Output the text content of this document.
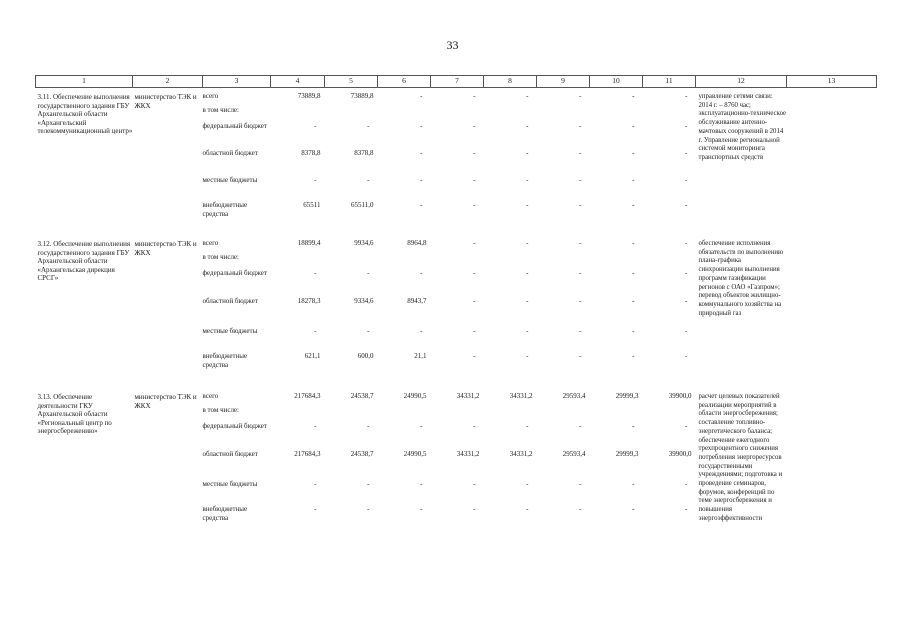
33
1	2	3	4	5	6	7	8	9	10	11	12	13

3.11. Обеспечение выполнения государственного задания ГБУ Архангельской области «Архангельский телекоммуникационный центр»	министерство ТЭК и ЖКХ	всего	73889,8	73889,8	-	-	-	-	-	-	управление сетями связи: 2014 г. – 8760 час; эксплуатационно-техническое обслуживание антенно-мачтовых сооружений в 2014 г. Управление региональной системой мониторинга транспортных средств	
		в том числе:										
		федеральный бюджет	-	-	-	-	-	-	-	-		
		областной бюджет	8378,8	8378,8	-	-	-	-	-	-		
		местные бюджеты	-	-	-	-	-	-	-	-		
		внебюджетные средства	65511	65511,0	-	-	-	-	-	-		

3.12. Обеспечение выполнения государственного задания ГБУ Архангельской области «Архангельская дирекция СРСГ»	министерство ТЭК и ЖКХ	всего	18899,4	9934,6	8964,8	-	-	-	-	-	обеспечение исполнения обязательств по выполнению плана-графика синхронизации выполнения программ газификации регионов с ОАО «Газпром»; перевод объектов жилищно-коммунального хозяйства на природный газ	
		в том числе:										
		федеральный бюджет	-	-	-	-	-	-	-	-		
		областной бюджет	18278,3	9334,6	8943,7	-	-	-	-	-		
		местные бюджеты	-	-	-	-	-	-	-	-		
		внебюджетные средства	621,1	600,0	21,1	-	-	-	-	-		

3.13. Обеспечение деятельности ГКУ Архангельской области «Региональный центр по энергосбережению»	министерство ТЭК и ЖКХ	всего	217684,3	24538,7	24990,5	34331,2	34331,2	29593,4	29999,3	39900,0	расчет целевых показателей реализации мероприятий в области энергосбережения; составление топливно-энергетического баланса; обеспечение ежегодного трехпроцентного снижения потребления энергоресурсов государственными учреждениями; подготовка и проведение семинаров, форумов, конференций по теме энергосбережения и повышения энергоэффективности	
		в том числе:										
		федеральный бюджет	-	-	-	-	-	-	-	-		
		областной бюджет	217684,3	24538,7	24990,5	34331,2	34331,2	29593,4	29999,3	39900,0		
		местные бюджеты	-	-	-	-	-	-	-	-		
		внебюджетные средства	-	-	-	-	-	-	-	-		
